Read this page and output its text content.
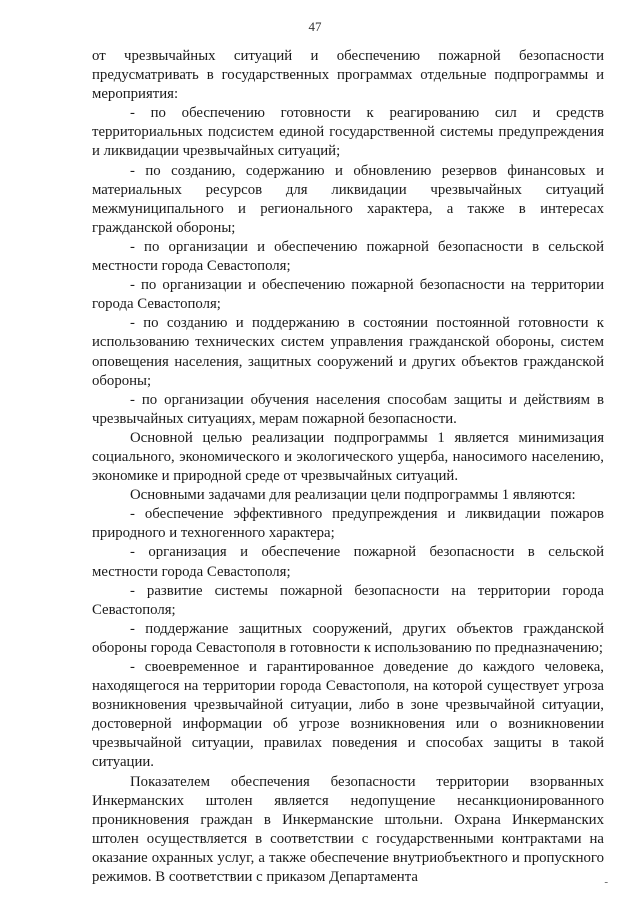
47

от чрезвычайных ситуаций и обеспечению пожарной безопасности предусматривать в государственных программах отдельные подпрограммы и мероприятия:

- по обеспечению готовности к реагированию сил и средств территориальных подсистем единой государственной системы предупреждения и ликвидации чрезвычайных ситуаций;

- по созданию, содержанию и обновлению резервов финансовых и материальных ресурсов для ликвидации чрезвычайных ситуаций межмуниципального и регионального характера, а также в интересах гражданской обороны;

- по организации и обеспечению пожарной безопасности в сельской местности города Севастополя;

- по организации и обеспечению пожарной безопасности на территории города Севастополя;

- по созданию и поддержанию в состоянии постоянной готовности к использованию технических систем управления гражданской обороны, систем оповещения населения, защитных сооружений и других объектов гражданской обороны;

- по организации обучения населения способам защиты и действиям в чрезвычайных ситуациях, мерам пожарной безопасности.

Основной целью реализации подпрограммы 1 является минимизация социального, экономического и экологического ущерба, наносимого населению, экономике и природной среде от чрезвычайных ситуаций.

Основными задачами для реализации цели подпрограммы 1 являются:

- обеспечение эффективного предупреждения и ликвидации пожаров природного и техногенного характера;

- организация и обеспечение пожарной безопасности в сельской местности города Севастополя;

- развитие системы пожарной безопасности на территории города Севастополя;

- поддержание защитных сооружений, других объектов гражданской обороны города Севастополя в готовности к использованию по предназначению;

- своевременное и гарантированное доведение до каждого человека, находящегося на территории города Севастополя, на которой существует угроза возникновения чрезвычайной ситуации, либо в зоне чрезвычайной ситуации, достоверной информации об угрозе возникновения или о возникновении чрезвычайной ситуации, правилах поведения и способах защиты в такой ситуации.

Показателем обеспечения безопасности территории взорванных Инкерманских штолен является недопущение несанкционированного проникновения граждан в Инкерманские штольни. Охрана Инкерманских штолен осуществляется в соответствии с государственными контрактами на оказание охранных услуг, а также обеспечение внутриобъектного и пропускного режимов. В соответствии с приказом Департамента	-
